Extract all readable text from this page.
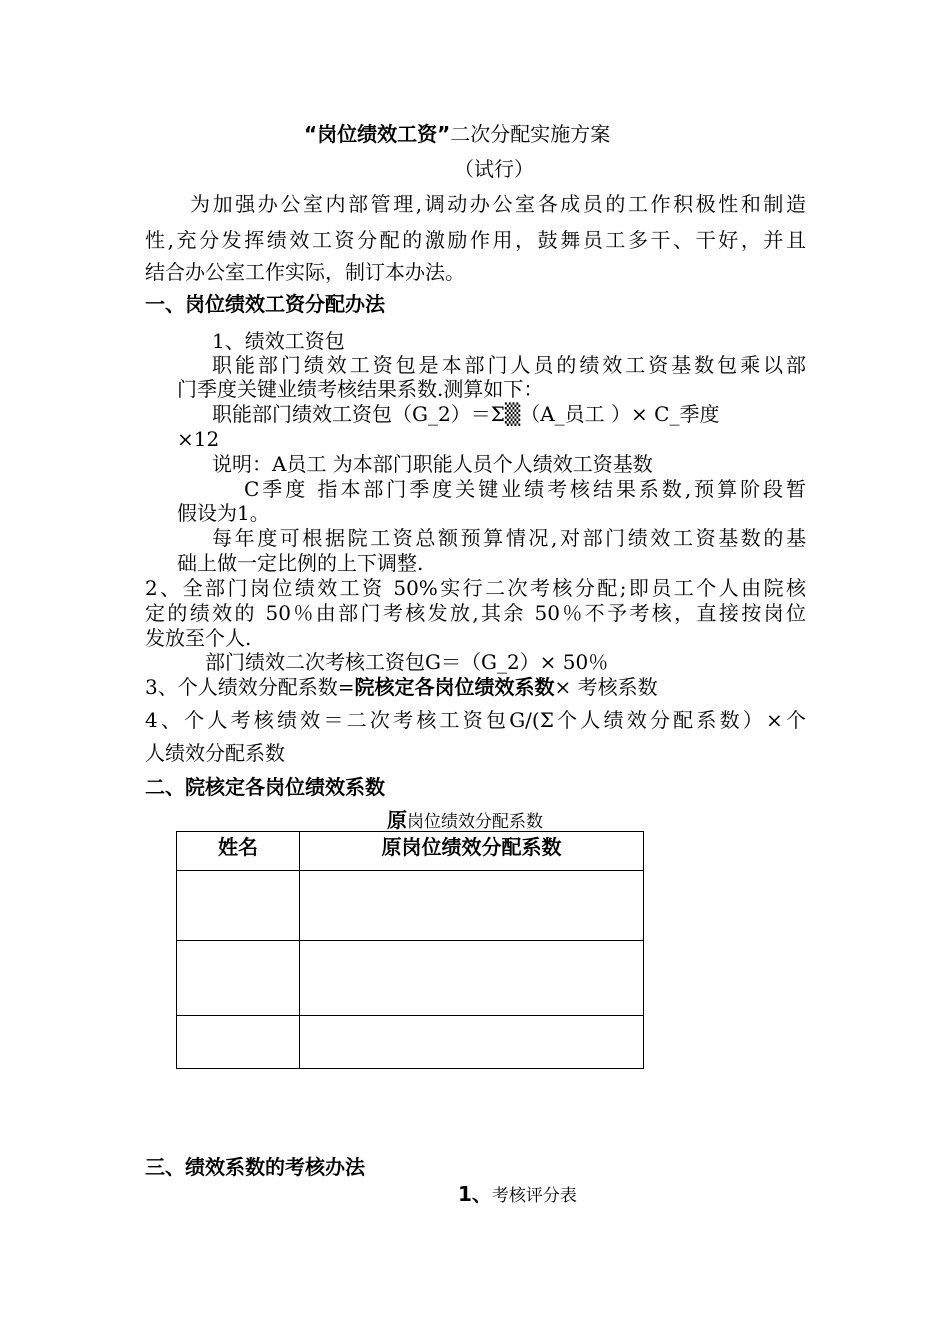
“岗位绩效工资”二次分配实施方案
（试行）
为加强办公室内部管理,调动办公室各成员的工作积极性和制造
性,充分发挥绩效工资分配的激励作用，鼓舞员工多干、干好，并且
结合办公室工作实际，制订本办法。
一、岗位绩效工资分配办法
1、绩效工资包
职能部门绩效工资包是本部门人员的绩效工资基数包乘以部
门季度关键业绩考核结果系数.测算如下：
职能部门绩效工资包（G_2）＝Σ▒（A_员工 ）× C_季度
×12
说明：A员工 为本部门职能人员个人绩效工资基数
C季度 指本部门季度关键业绩考核结果系数,预算阶段暂
假设为1。
每年度可根据院工资总额预算情况,对部门绩效工资基数的基
础上做一定比例的上下调整.
2、全部门岗位绩效工资 50%实行二次考核分配;即员工个人由院核
定的绩效的 50％由部门考核发放,其余 50％不予考核，直接按岗位
发放至个人.
部门绩效二次考核工资包G＝（G_2）× 50％
3、个人绩效分配系数=院核定各岗位绩效系数× 考核系数
4、个人考核绩效＝二次考核工资包G/(Σ个人绩效分配系数）×个
人绩效分配系数
二、院核定各岗位绩效系数
原岗位绩效分配系数
姓名	原岗位绩效分配系数

三、绩效系数的考核办法
1、考核评分表
